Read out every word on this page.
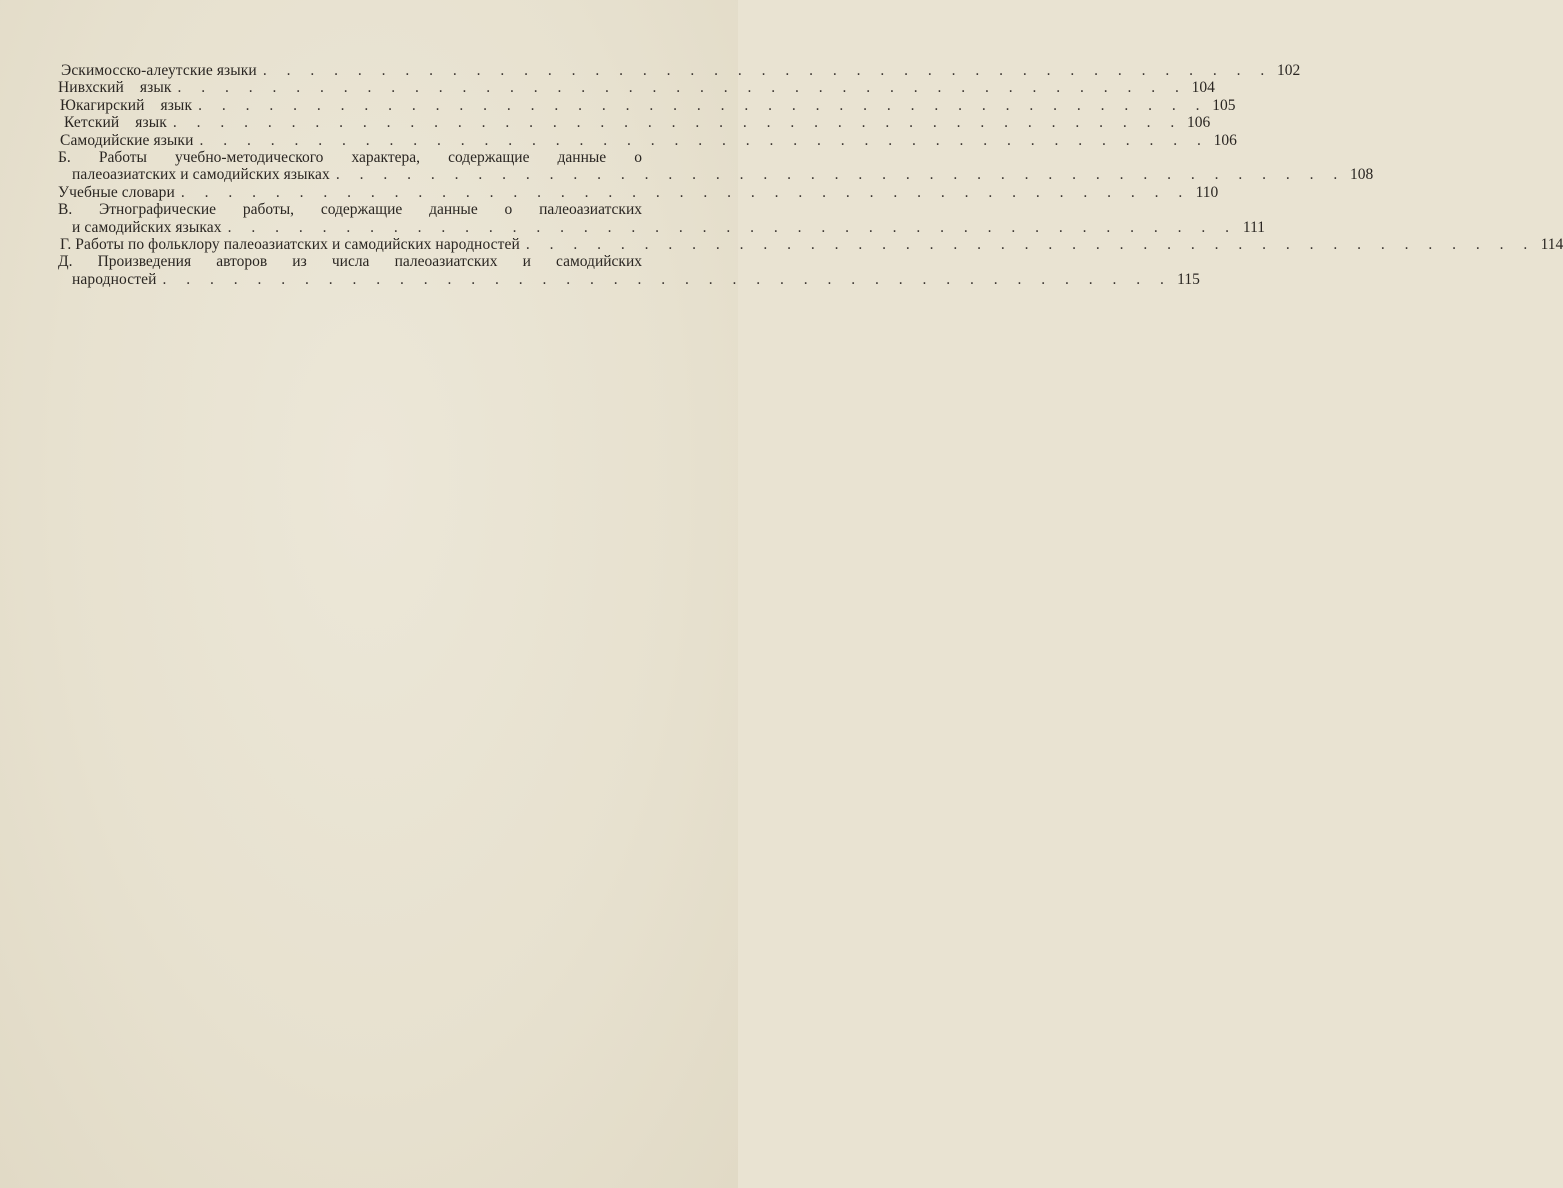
Эскимосско-алеутские языки . . . . . . . . . . . . . . . . . . . . . . . . . . . . . . . . . . . . . . . . . . . 102
Нивхский язык . . . . . . . . . . . . . . . . . . . . . . . . . . . . . . . . . . . . . . . . . . . 104
Юкагирский язык . . . . . . . . . . . . . . . . . . . . . . . . . . . . . . . . . . . . . . . . . . . 105
Кетский язык . . . . . . . . . . . . . . . . . . . . . . . . . . . . . . . . . . . . . . . . . . . 106
Самодийские языки . . . . . . . . . . . . . . . . . . . . . . . . . . . . . . . . . . . . . . . . . . . 106
Б. Работы учебно-методического характера, содержащие данные о
палеоазиатских и самодийских языках . . . . . . . . . . . . . . . . . . . . . . . . . . . . . . . . . . . . . . . . . . . 108
Учебные словари . . . . . . . . . . . . . . . . . . . . . . . . . . . . . . . . . . . . . . . . . . . 110
В. Этнографические работы, содержащие данные о палеоазиатских
и самодийских языках . . . . . . . . . . . . . . . . . . . . . . . . . . . . . . . . . . . . . . . . . . . 111
Г. Работы по фольклору палеоазиатских и самодийских народностей . . . . . . . . . . . . . . . . . . . . . . . . . . . . . . . . . . . . . . . . . . . 114
Д. Произведения авторов из числа палеоазиатских и самодийских
народностей . . . . . . . . . . . . . . . . . . . . . . . . . . . . . . . . . . . . . . . . . . . 115
